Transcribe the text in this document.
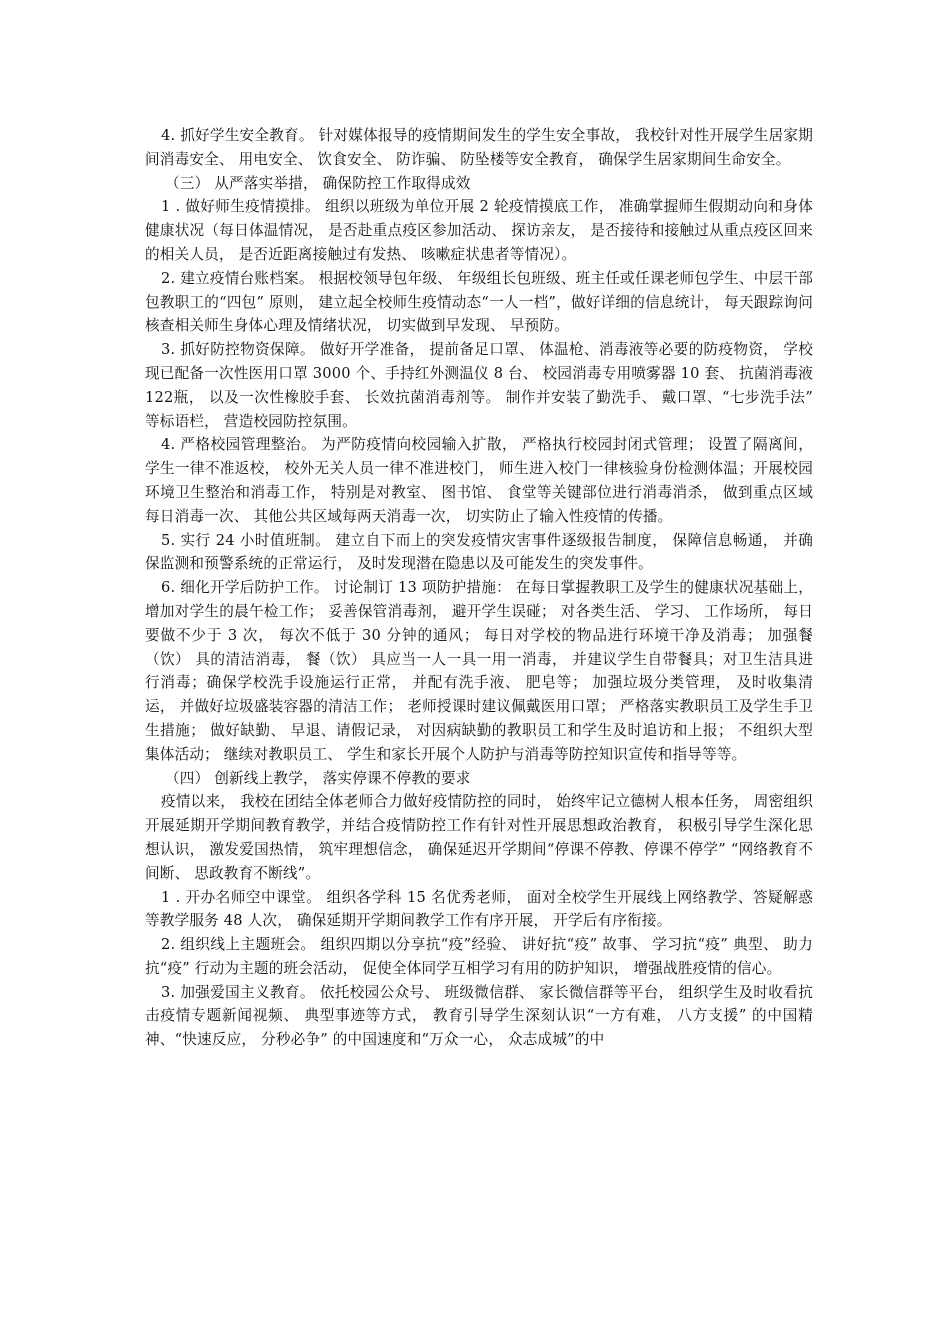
4. 抓好学生安全教育。 针对媒体报导的疫情期间发生的学生安全事故， 我校针对性开展学生居家期间消毒安全、 用电安全、 饮食安全、 防诈骗、 防坠楼等安全教育， 确保学生居家期间生命安全。

（三） 从严落实举措， 确保防控工作取得成效

1 . 做好师生疫情摸排。 组织以班级为单位开展 2 轮疫情摸底工作， 准确掌握师生假期动向和身体健康状况（每日体温情况， 是否赴重点疫区参加活动、 探访亲友， 是否接待和接触过从重点疫区回来的相关人员， 是否近距离接触过有发热、 咳嗽症状患者等情况）。

2. 建立疫情台账档案。 根据校领导包年级、 年级组长包班级、班主任或任课老师包学生、中层干部包教职工的“四包” 原则， 建立起全校师生疫情动态“一人一档”，做好详细的信息统计， 每天跟踪询问核查相关师生身体心理及情绪状况， 切实做到早发现、 早预防。

3. 抓好防控物资保障。 做好开学准备， 提前备足口罩、 体温枪、消毒液等必要的防疫物资， 学校现已配备一次性医用口罩 3000 个、手持红外测温仪 8 台、 校园消毒专用喷雾器 10 套、 抗菌消毒液 122瓶， 以及一次性橡胶手套、 长效抗菌消毒剂等。 制作并安装了勤洗手、 戴口罩、“七步洗手法” 等标语栏， 营造校园防控氛围。

4. 严格校园管理整治。 为严防疫情向校园输入扩散， 严格执行校园封闭式管理； 设置了隔离间， 学生一律不准返校， 校外无关人员一律不准进校门， 师生进入校门一律核验身份检测体温；开展校园环境卫生整治和消毒工作， 特别是对教室、 图书馆、 食堂等关键部位进行消毒消杀， 做到重点区域每日消毒一次、 其他公共区域每两天消毒一次， 切实防止了输入性疫情的传播。

5. 实行 24 小时值班制。 建立自下而上的突发疫情灾害事件逐级报告制度， 保障信息畅通， 并确保监测和预警系统的正常运行， 及时发现潜在隐患以及可能发生的突发事件。

6. 细化开学后防护工作。 讨论制订 13 项防护措施： 在每日掌握教职工及学生的健康状况基础上， 增加对学生的晨午检工作； 妥善保管消毒剂， 避开学生误碰； 对各类生活、 学习、 工作场所， 每日要做不少于 3 次， 每次不低于 30 分钟的通风； 每日对学校的物品进行环境干净及消毒； 加强餐（饮） 具的清洁消毒， 餐（饮） 具应当一人一具一用一消毒， 并建议学生自带餐具；对卫生洁具进行消毒；确保学校洗手设施运行正常， 并配有洗手液、 肥皂等； 加强垃圾分类管理， 及时收集清运， 并做好垃圾盛装容器的清洁工作； 老师授课时建议佩戴医用口罩； 严格落实教职员工及学生手卫生措施； 做好缺勤、 早退、请假记录， 对因病缺勤的教职员工和学生及时追访和上报； 不组织大型集体活动； 继续对教职员工、 学生和家长开展个人防护与消毒等防控知识宣传和指导等等。

（四） 创新线上教学， 落实停课不停教的要求

疫情以来， 我校在团结全体老师合力做好疫情防控的同时， 始终牢记立德树人根本任务， 周密组织开展延期开学期间教育教学，并结合疫情防控工作有针对性开展思想政治教育， 积极引导学生深化思想认识， 激发爱国热情， 筑牢理想信念， 确保延迟开学期间“停课不停教、停课不停学” “网络教育不间断、 思政教育不断线”。

1 . 开办名师空中课堂。 组织各学科 15 名优秀老师， 面对全校学生开展线上网络教学、答疑解惑等教学服务 48 人次， 确保延期开学期间教学工作有序开展， 开学后有序衔接。

2. 组织线上主题班会。 组织四期以分享抗“疫”经验、 讲好抗“疫” 故事、 学习抗“疫” 典型、 助力抗“疫” 行动为主题的班会活动， 促使全体同学互相学习有用的防护知识， 增强战胜疫情的信心。

3. 加强爱国主义教育。 依托校园公众号、 班级微信群、 家长微信群等平台， 组织学生及时收看抗击疫情专题新闻视频、 典型事迹等方式， 教育引导学生深刻认识“一方有难， 八方支援” 的中国精神、“快速反应， 分秒必争” 的中国速度和“万众一心， 众志成城”的中
